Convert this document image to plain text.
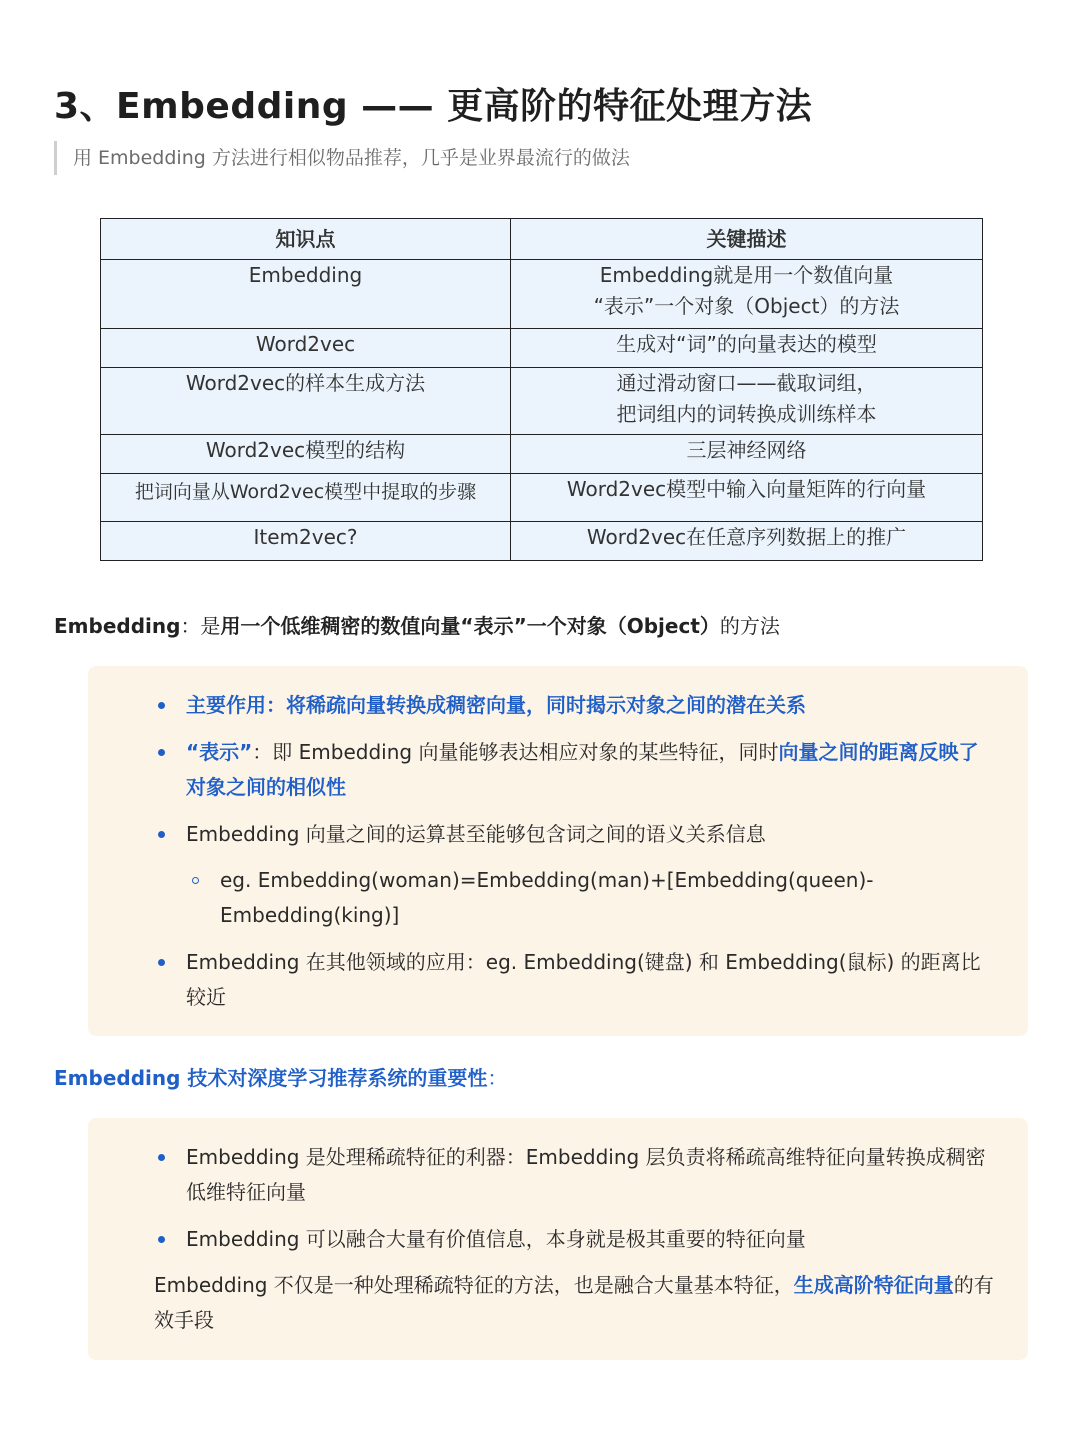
3、Embedding —— 更高阶的特征处理方法
用 Embedding 方法进行相似物品推荐，几乎是业界最流行的做法
知识点	关键描述
Embedding	Embedding就是用一个数值向量
“表示”一个对象（Object）的方法

Word2vec	生成对“词”的向量表达的模型

Word2vec的样本生成方法	通过滑动窗口——截取词组，
把词组内的词转换成训练样本

Word2vec模型的结构	三层神经网络

把词向量从Word2vec模型中提取的步骤	Word2vec模型中输入向量矩阵的行向量

Item2vec?	Word2vec在任意序列数据上的推广
Embedding：是用一个低维稠密的数值向量“表示”一个对象（Object）的方法
主要作用：将稀疏向量转换成稠密向量，同时揭示对象之间的潜在关系
“表示”：即 Embedding 向量能够表达相应对象的某些特征，同时向量之间的距离反映了对象之间的相似性
Embedding 向量之间的运算甚至能够包含词之间的语义关系信息
eg. Embedding(woman)=Embedding(man)+[Embedding(queen)-Embedding(king)]
Embedding 在其他领域的应用：eg. Embedding(键盘) 和 Embedding(鼠标) 的距离比较近
Embedding 技术对深度学习推荐系统的重要性：
Embedding 是处理稀疏特征的利器：Embedding 层负责将稀疏高维特征向量转换成稠密低维特征向量
Embedding 可以融合大量有价值信息，本身就是极其重要的特征向量
Embedding 不仅是一种处理稀疏特征的方法，也是融合大量基本特征，生成高阶特征向量的有效手段
